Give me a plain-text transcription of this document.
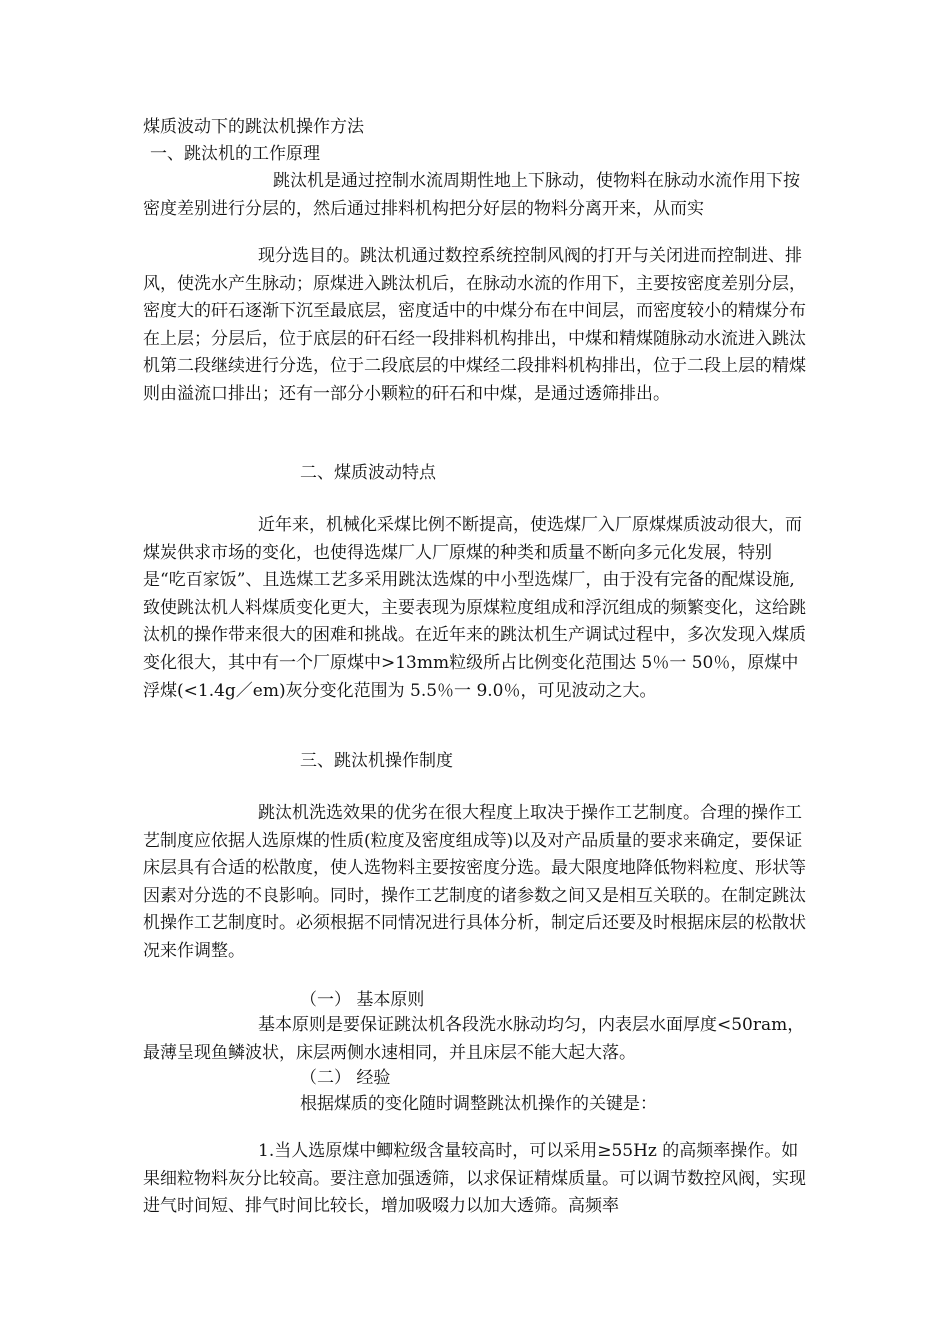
煤质波动下的跳汰机操作方法
一、跳汰机的工作原理
跳汰机是通过控制水流周期性地上下脉动，使物料在脉动水流作用下按密度差别进行分层的，然后通过排料机构把分好层的物料分离开来，从而实
现分选目的。跳汰机通过数控系统控制风阀的打开与关闭进而控制进、排风，使洗水产生脉动；原煤进入跳汰机后，在脉动水流的作用下，主要按密度差别分层，密度大的矸石逐渐下沉至最底层，密度适中的中煤分布在中间层，而密度较小的精煤分布在上层；分层后，位于底层的矸石经一段排料机构排出，中煤和精煤随脉动水流进入跳汰机第二段继续进行分选，位于二段底层的中煤经二段排料机构排出，位于二段上层的精煤则由溢流口排出；还有一部分小颗粒的矸石和中煤，是通过透筛排出。
二、煤质波动特点
近年来，机械化采煤比例不断提高，使选煤厂入厂原煤煤质波动很大，而煤炭供求市场的变化，也使得选煤厂人厂原煤的种类和质量不断向多元化发展，特别是“吃百家饭”、且选煤工艺多采用跳汰选煤的中小型选煤厂，由于没有完备的配煤设施,致使跳汰机人料煤质变化更大，主要表现为原煤粒度组成和浮沉组成的频繁变化，这给跳汰机的操作带来很大的困难和挑战。在近年来的跳汰机生产调试过程中，多次发现入煤质变化很大，其中有一个厂原煤中>13mm粒级所占比例变化范围达 5％一 50％，原煤中浮煤(<1.4g／em)灰分变化范围为 5.5％一 9.0％，可见波动之大。
三、跳汰机操作制度
跳汰机洗选效果的优劣在很大程度上取决于操作工艺制度。合理的操作工艺制度应依据人选原煤的性质(粒度及密度组成等)以及对产品质量的要求来确定，要保证床层具有合适的松散度，使人选物料主要按密度分选。最大限度地降低物料粒度、形状等因素对分选的不良影响。同时，操作工艺制度的诸参数之间又是相互关联的。在制定跳汰机操作工艺制度时。必须根据不同情况进行具体分析，制定后还要及时根据床层的松散状况来作调整。
（一） 基本原则
基本原则是要保证跳汰机各段洗水脉动均匀，内表层水面厚度<50ram，最薄呈现鱼鳞波状，床层两侧水速相同，并且床层不能大起大落。
（二） 经验
根据煤质的变化随时调整跳汰机操作的关键是：
1.当人选原煤中鲫粒级含量较高时，可以采用≥55Hz 的高频率操作。如果细粒物料灰分比较高。要注意加强透筛，以求保证精煤质量。可以调节数控风阀，实现进气时间短、排气时间比较长，增加吸啜力以加大透筛。高频率
